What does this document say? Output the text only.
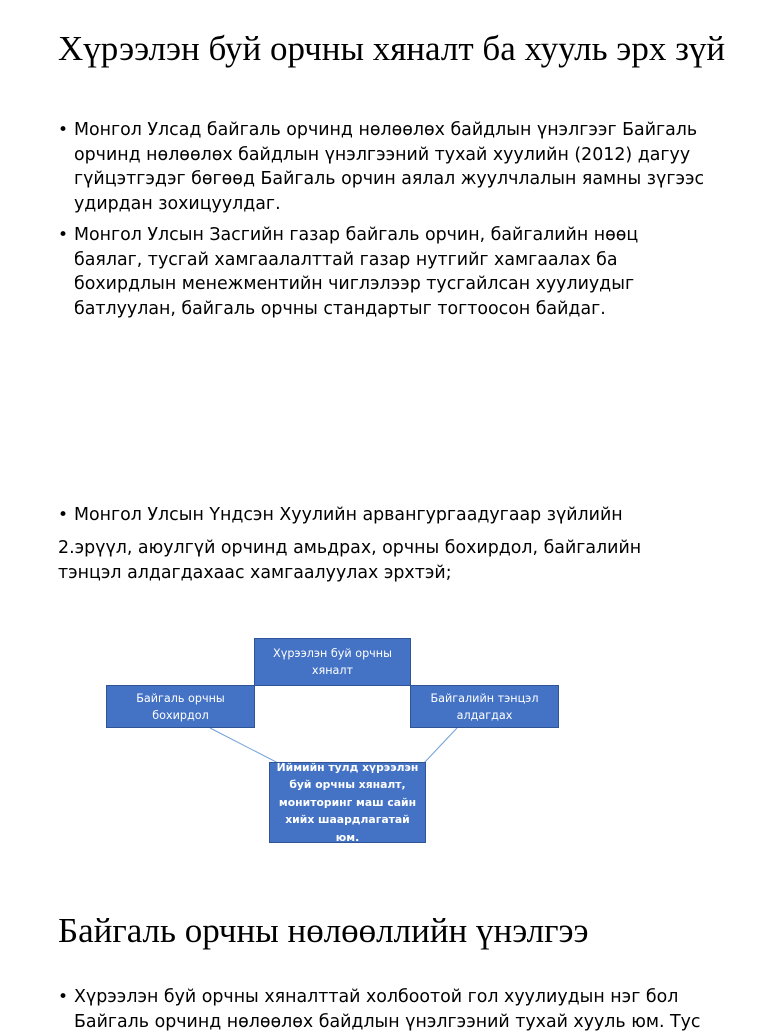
Хүрээлэн буй орчны хяналт ба хууль эрх зүй
• Монгол Улсад байгаль орчинд нөлөөлөх байдлын үнэлгээг Байгаль орчинд нөлөөлөх байдлын үнэлгээний тухай хуулийн (2012) дагуу гүйцэтгэдэг бөгөөд Байгаль орчин аялал жуулчлалын яамны зүгээс удирдан зохицуулдаг.
• Монгол Улсын Засгийн газар байгаль орчин, байгалийн нөөц баялаг, тусгай хамгаалалттай газар нутгийг хамгаалах ба бохирдлын менежментийн чиглэлээр тусгайлсан хуулиудыг батлуулан, байгаль орчны стандартыг тогтоосон байдаг.
• Монгол Улсын Үндсэн Хуулийн арвангургаадугаар зүйлийн
2.эрүүл, аюулгүй орчинд амьдрах, орчны бохирдол, байгалийн тэнцэл алдагдахаас хамгаалуулах эрхтэй;
Хүрээлэн буй орчны хяналт
Байгаль орчны бохирдол
Байгалийн тэнцэл алдагдах
Иймийн тулд хүрээлэн буй орчны хяналт, мониторинг маш сайн хийх шаардлагатай юм.
Байгаль орчны нөлөөллийн үнэлгээ
• Хүрээлэн буй орчны хяналттай холбоотой гол хуулиудын нэг бол Байгаль орчинд нөлөөлөх байдлын үнэлгээний тухай хууль юм. Тус
